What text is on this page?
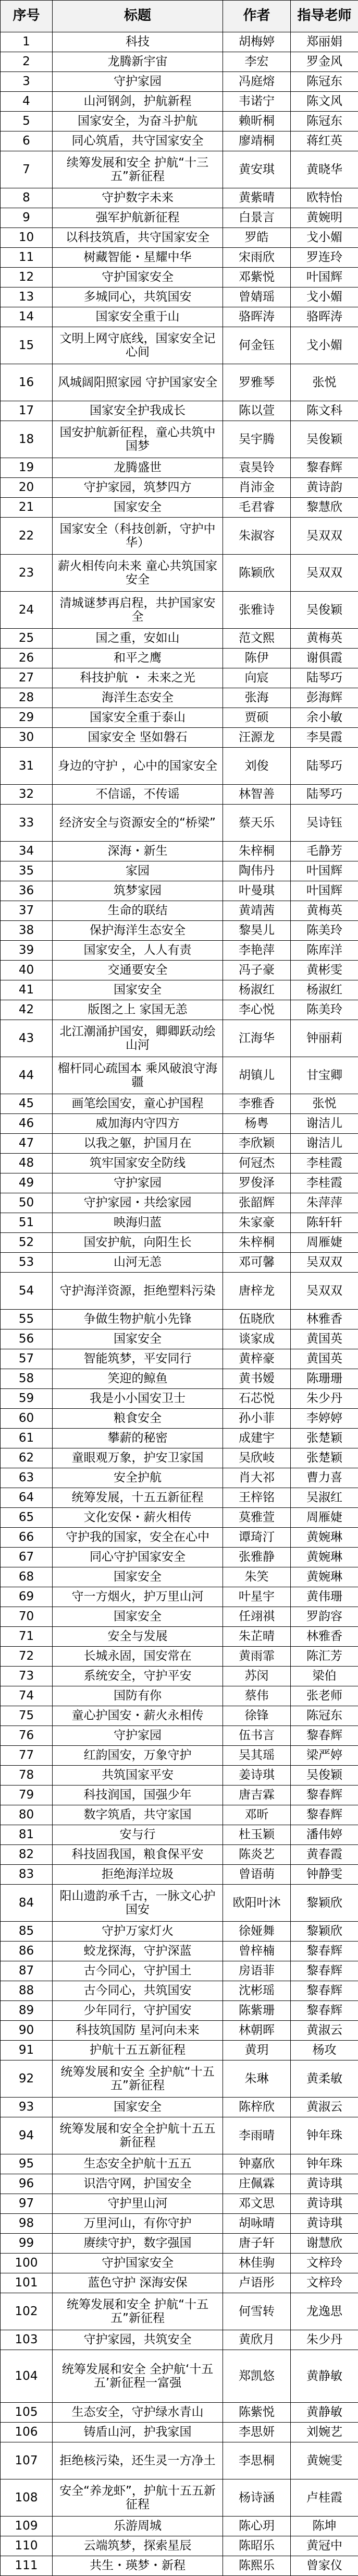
序号	标题	作者	指导老师
1	科技	胡梅婷	郑丽娟
2	龙腾新宇宙	李宏	罗金风
3	守护家园	冯庭熔	陈冠东
4	山河钢剑，护航新程	韦诺宁	陈文风
5	国家安全，为奋斗护航	赖昕桐	陈冠东
6	同心筑盾，共守国家安全	廖靖桐	蒋红英
7	续筹发展和安全 护航“十三五”新征程	黄安琪	黄晓华
8	守护数字未来	黄紫晴	欧特怡
9	强军护航新征程	白景言	黄婉明
10	以科技筑盾，共守国家安全	罗皓	戈小媚
11	树藏智能・星耀中华	宋雨欣	罗连玲
12	守护国家安全	邓紫悦	叶国辉
13	多城同心，共筑国安	曾婧瑶	戈小媚
14	国家安全重于山	骆晖涛	骆晖涛
15	文明上网守底线，国家安全记心间	何金钰	戈小媚
16	风城阔阳照家园 守护国家安全	罗雅琴	张悦
17	国家安全护我成长	陈以萱	陈文科
18	国安护航新征程，童心共筑中国梦	吴宇腾	吴俊颖
19	龙腾盛世	袁昊铃	黎春辉
20	守护家园，筑梦四方	肖沛金	黄诗韵
21	国家安全	毛君睿	黎慧欣
22	国家安全（科技创新，守护中华）	朱淑容	吴双双
23	薪火相传向未来 童心共筑国家安全	陈颖欣	吴双双
24	清城谜梦再启程，共护国家安全	张雅诗	吴俊颖
25	国之重，安如山	范文熙	黄梅英
26	和平之鹰	陈伊	谢俱霞
27	科技护航 ・ 未来之光	向宸	陆琴巧
28	海洋生态安全	张海	彭海辉
29	国家安全重于泰山	贾硕	余小敏
30	国家安全 坚如磐石	汪源龙	李昊霞
31	身边的守护 ，心中的国家安全	刘俊	陆琴巧
32	不信谣，不传谣	林智善	陆琴巧
33	经济安全与资源安全的“桥梁”	蔡天乐	吴诗钰
34	深海・新生	朱梓桐	毛静芳
35	家园	陶伟丹	叶国辉
36	筑梦家园	叶曼琪	叶国辉
37	生命的联结	黄靖茜	黄梅英
38	保护海洋生态安全	黎昊儿	陈美玲
39	国家安全，人人有责	李艳萍	陈库洋
40	交通要安全	冯子豪	黄彬雯
41	国家安全	杨淑红	杨淑红
42	版图之上 家国无恙	李心悦	陈美玲
43	北江潮涌护国安，卿卿跃动绘山河	江海华	钟丽莉
44	榴杆同心疏国本 乘风破浪守海疆	胡镇儿	甘宝卿
45	画笔绘国安，童心护国程	李雅香	张悦
46	威加海内守四方	杨粤	谢洁儿
47	以我之躯，护国月在	李欣颖	谢洁儿
48	筑牢国家安全防线	何冠杰	李桂霞
49	守护家园	罗俊泽	李桂霞
50	守护家园・共绘家园	张韶辉	朱萍萍
51	映海归蓝	朱家豪	陈轩轩
52	国安护航，向阳生长	朱梓桐	周雁婕
53	山河无恙	邓可馨	吴双双
54	守护海洋资源，拒绝塑料污染	唐梓龙	吴双双
55	争做生物护航小先锋	伍晓欣	林雅香
56	国家安全	谈家成	黄国英
57	智能筑梦，平安同行	黄梓豪	黄国英
58	笑迎的鲸鱼	黄书嫒	陈珊珊
59	我是小小国安卫士	石芯悦	朱少丹
60	粮食安全	孙小菲	李婷婷
61	攀薪的秘密	成建宇	张楚颖
62	童眼观万象，护安卫家国	吴欣岐	张楚颖
63	安全护航	肖大祁	曹力喜
64	统筹发展，十五五新征程	王梓铭	吴淑红
65	文化安保・薪火相传	莫雅萱	周雁婕
66	守护我的国家，安全在心中	谭琦汀	黄婉琳
67	同心守护国家安全	张雅静	黄婉琳
68	国家安全	朱笑	黄婉琳
69	守一方烟火，护万里山河	叶星宇	黄伟珊
70	国家安全	任翊祺	罗韵容
71	安全与发展	朱芷晴	林雅香
72	长城永固，国安常在	黄雨霏	陈汇芳
73	系统安全，守护平安	苏闵	梁伯
74	国防有你	蔡伟	张老师
75	童心护国安・薪火永相传	徐锋	陈冠东
76	守护家园	伍书言	黎春辉
77	红韵国安，万象守护	吴其瑶	梁严婷
78	共筑国家平安	姜诗琪	吴俊颖
79	科技润国，国强少年	唐吉霖	黎春辉
80	数字筑盾，共守家国	邓昕	黎春辉
81	安与行	杜玉颖	潘伟婷
82	科技固我国，粮食保平安	陈炎艺	黄春霞
83	拒绝海洋垃圾	曾语萌	钟静雯
84	阳山遗韵承千古，一脉文心护国安	欧阳叶沐	黎颖欣
85	守护万家灯火	徐娅舞	黎颖欣
86	蛟龙探海，守护深蓝	曾梓楠	黎春辉
87	古今同心，守护国土	房语菲	黎春辉
88	古今同心，共筑国安	沈彬瑶	黎春辉
89	少年同行，守护国安	陈紫珊	黎春辉
90	科技筑国防 星河向未来	林朝晖	黄淑云
91	护航十五五新征程	黄玥	杨攻
92	统筹发展和安全 全护航“十五五”新征程	朱琳	黄柔敏
93	国家安全	陈梓欣	黄淑云
94	统筹发展和安全全护航十五五新征程	李雨晴	钟年珠
95	生态安全护航十五五	钟嘉欣	钟年珠
96	识浩守网，护国安全	庄佩霖	黄诗琪
97	守护里山河	邓文思	黄诗琪
98	万里河山，有你守护	胡咏晴	黄诗琪
99	赓续守护，数字强国	唐子轩	谢慧欣
100	守护国家安全	林佳驹	文梓玲
101	蓝色守护 深海安保	卢语彤	文梓玲
102	统筹发展和安全 护航“十五五”新征程	何雪转	龙逸思
103	守护家园，共筑安全	黄欣月	朱少丹
104	统筹发展和安全 全护航‘十五五’新征程一富强	郑凯悠	黄静敏
105	生态安全，守护绿水青山	陈紫悦	黄静敏
106	铸盾山河，护我家国	李思妍	刘婉艺
107	拒绝核污染，还生灵一方净土	李思桐	黄婉雯
108	安全“养龙虾”，护航十五五新征程	杨诗涵	卢桂霞
109	乐游周城	陈心玥	陈坤
110	云端筑梦，探索星辰	陈昭乐	黄冠中
111	共生・瑛梦・新程	陈熙乐	曾家仪
